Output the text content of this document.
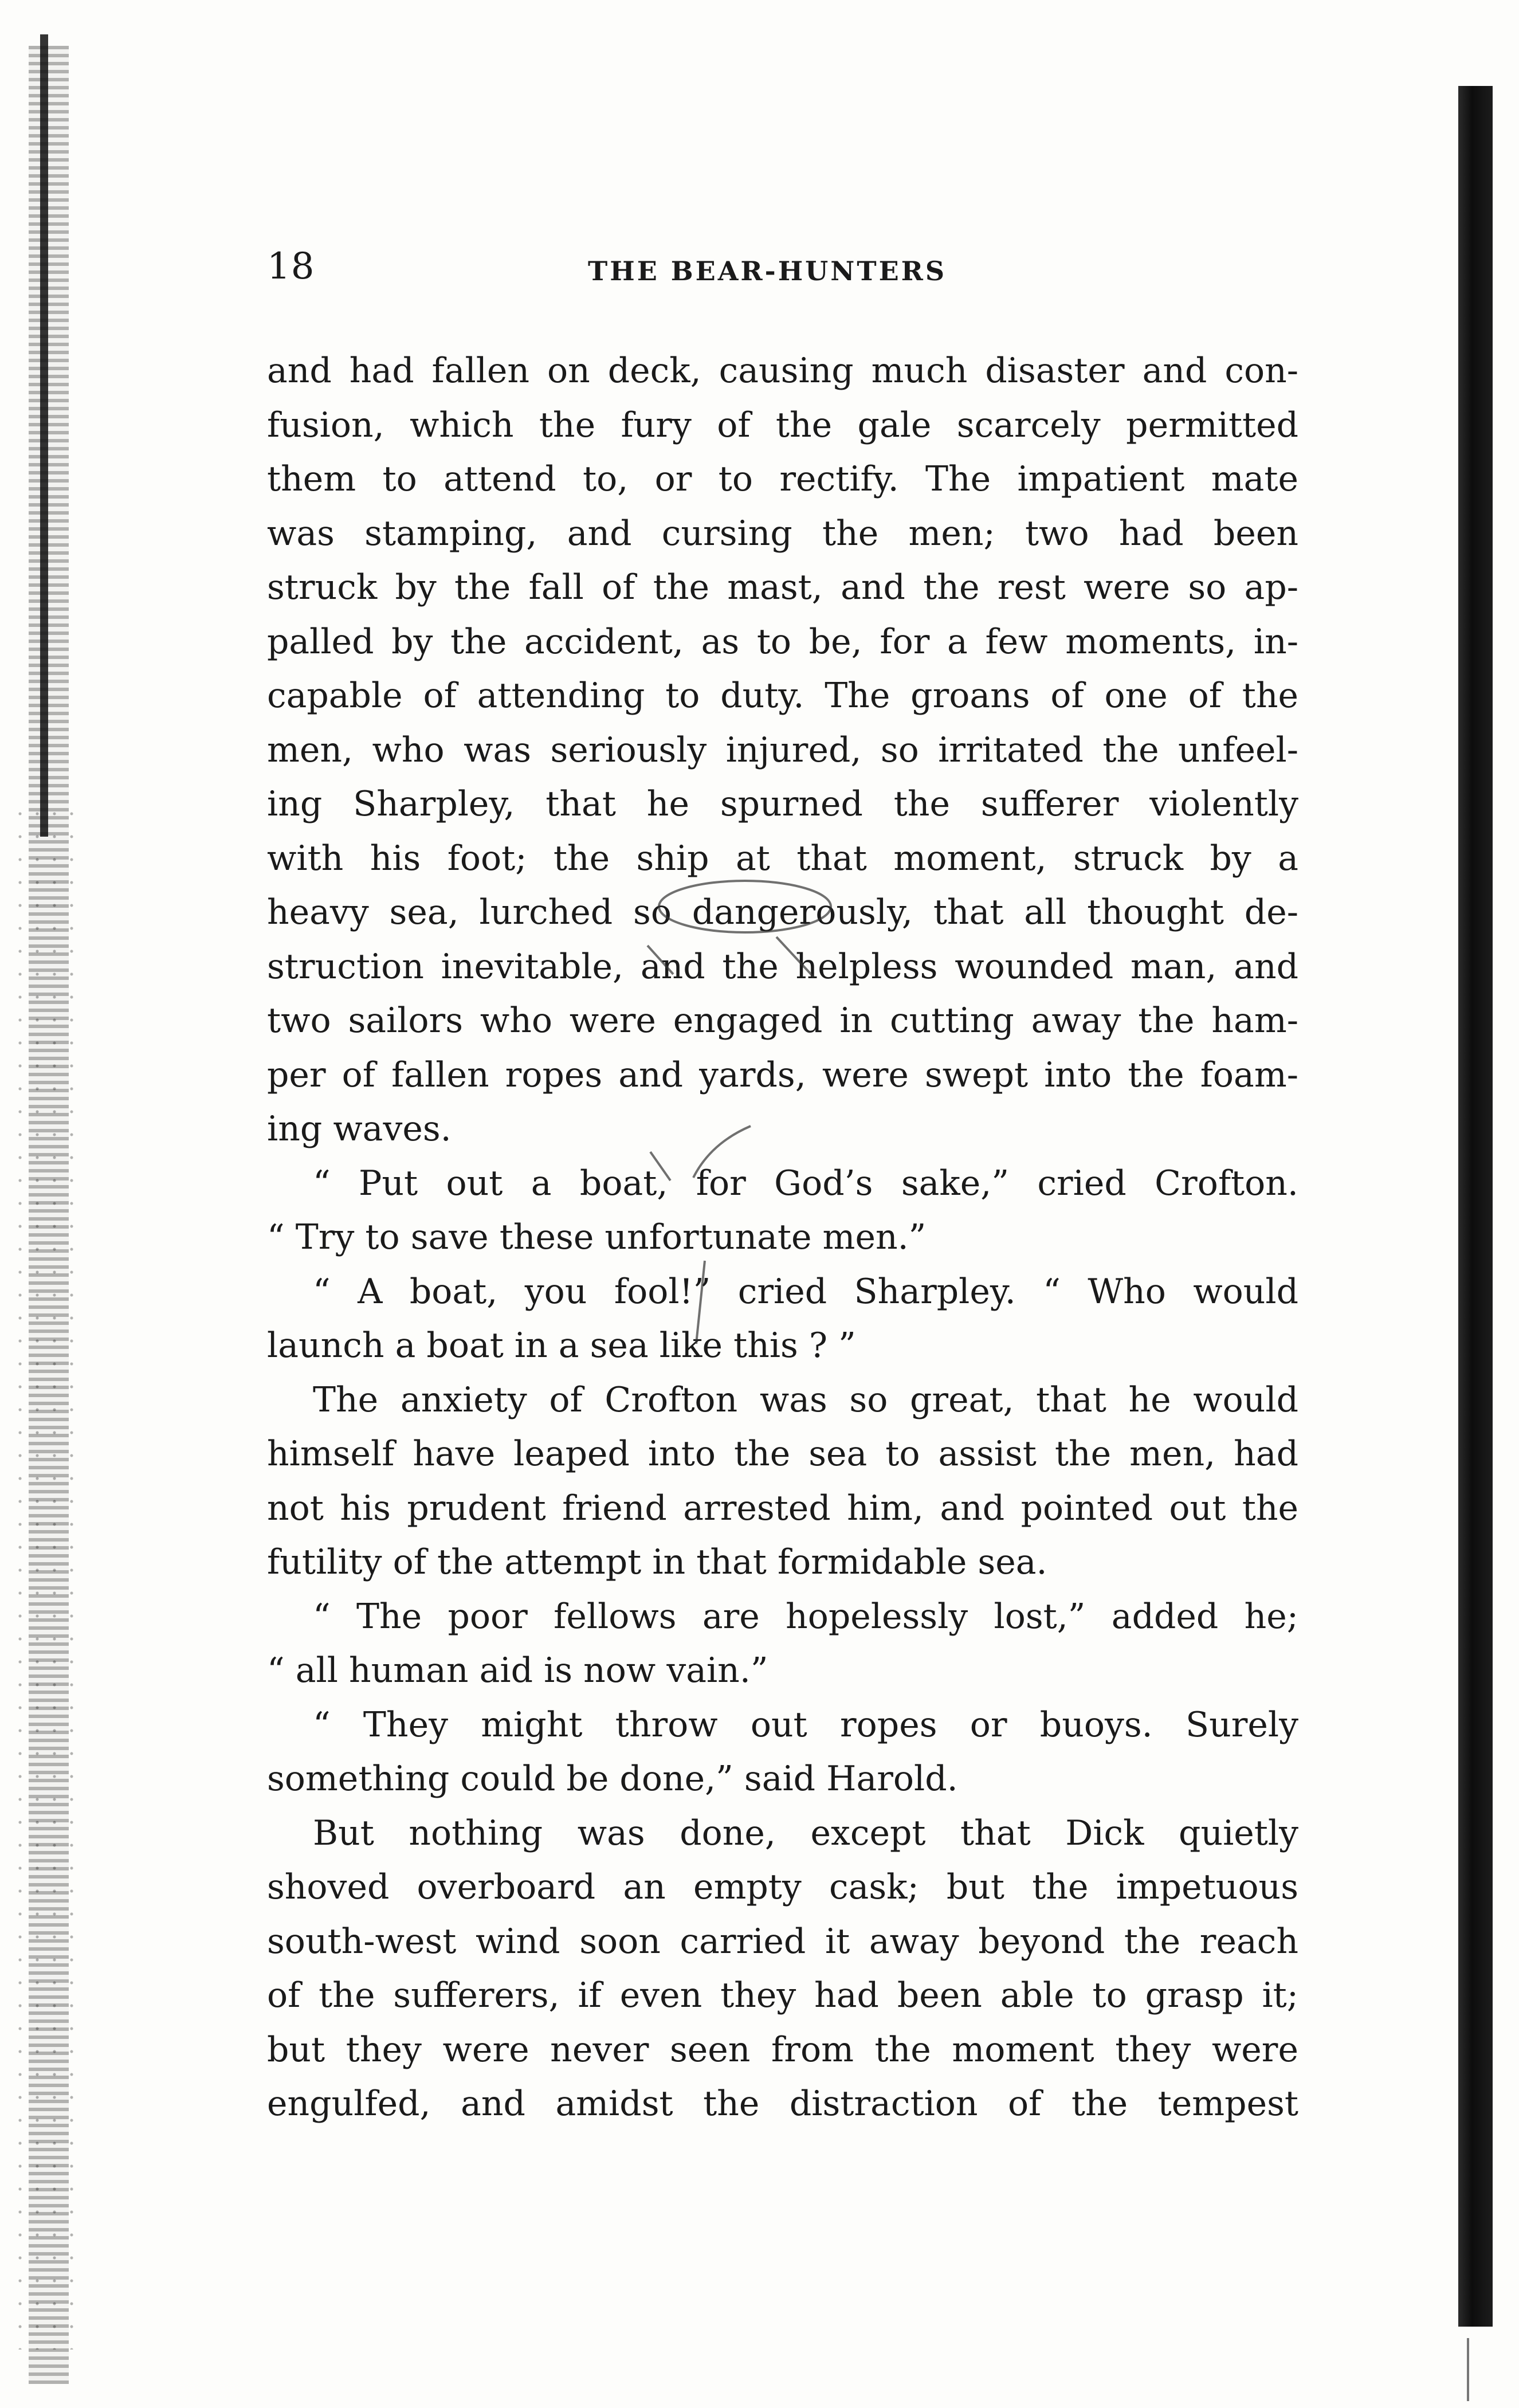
18	THE BEAR-HUNTERS
and had fallen on deck, causing much disaster and con-
fusion, which the fury of the gale scarcely permitted
them to attend to, or to rectify. The impatient mate
was stamping, and cursing the men; two had been
struck by the fall of the mast, and the rest were so ap-
palled by the accident, as to be, for a few moments, in-
capable of attending to duty. The groans of one of the
men, who was seriously injured, so irritated the unfeel-
ing Sharpley, that he spurned the sufferer violently
with his foot; the ship at that moment, struck by a
heavy sea, lurched so dangerously, that all thought de-
struction inevitable, and the helpless wounded man, and
two sailors who were engaged in cutting away the ham-
per of fallen ropes and yards, were swept into the foam-
ing waves.
“ Put out a boat, for God’s sake,” cried Crofton.
“ Try to save these unfortunate men.”
“ A boat, you fool!” cried Sharpley. “ Who would
launch a boat in a sea like this ? ”
The anxiety of Crofton was so great, that he would
himself have leaped into the sea to assist the men, had
not his prudent friend arrested him, and pointed out the
futility of the attempt in that formidable sea.
“ The poor fellows are hopelessly lost,” added he;
“ all human aid is now vain.”
“ They might throw out ropes or buoys. Surely
something could be done,” said Harold.
But nothing was done, except that Dick quietly
shoved overboard an empty cask; but the impetuous
south-west wind soon carried it away beyond the reach
of the sufferers, if even they had been able to grasp it;
but they were never seen from the moment they were
engulfed, and amidst the distraction of the tempest
